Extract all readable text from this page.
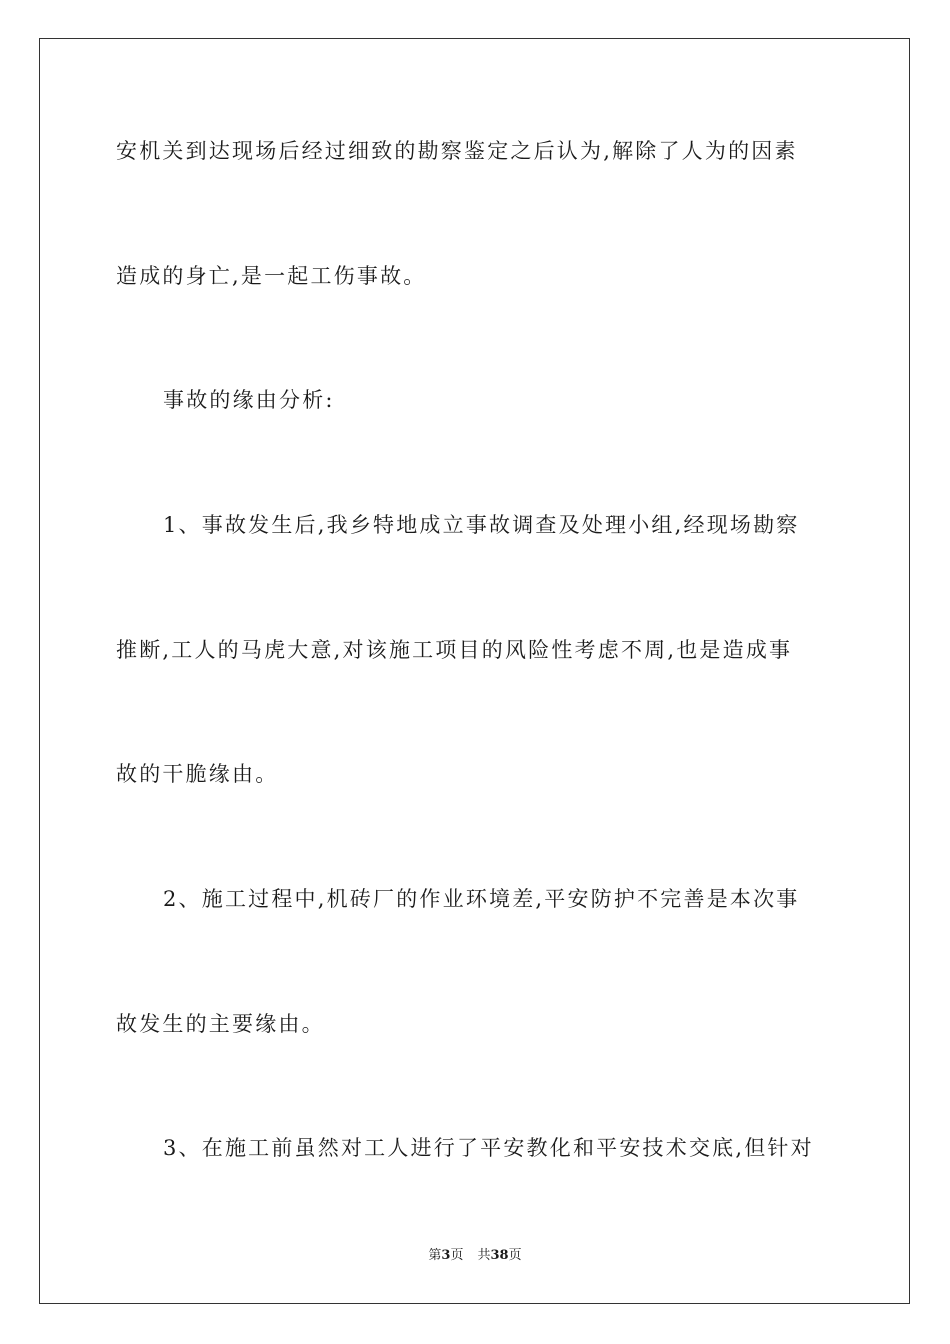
安机关到达现场后经过细致的勘察鉴定之后认为,解除了人为的因素
造成的身亡,是一起工伤事故。
事故的缘由分析:
1、事故发生后,我乡特地成立事故调查及处理小组,经现场勘察
推断,工人的马虎大意,对该施工项目的风险性考虑不周,也是造成事
故的干脆缘由。
2、施工过程中,机砖厂的作业环境差,平安防护不完善是本次事
故发生的主要缘由。
3、在施工前虽然对工人进行了平安教化和平安技术交底,但针对
第3页 共38页
